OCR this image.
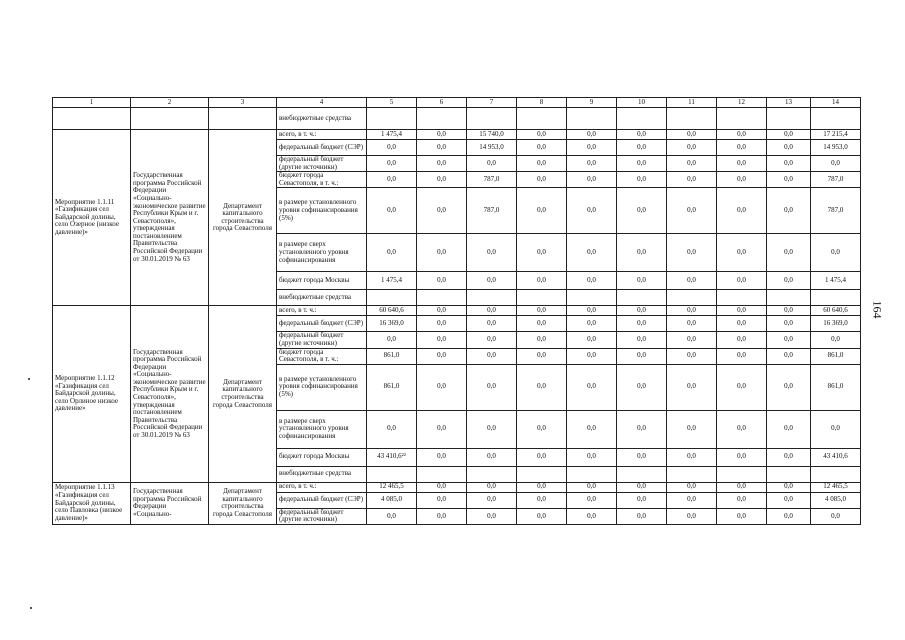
1	2	3	4	5	6	7	8	9	10	11	12	13	14
			внебюджетные средства										
Мероприятие 1.1.11 «Газификация сел Байдарской долины, село Озерное (низкое давление)»	Государственная программа Российской Федерации «Социально-экономическое развитие Республики Крым и г. Севастополя», утвержденная постановлением Правительства Российской Федерации от 30.01.2019 № 63	Департамент капитального строительства города Севастополя	всего, в т. ч.:	1 475,4	0,0	15 740,0	0,0	0,0	0,0	0,0	0,0	0,0	17 215,4
			федеральный бюджет (СЭР)	0,0	0,0	14 953,0	0,0	0,0	0,0	0,0	0,0	0,0	14 953,0
			федеральный бюджет (другие источники)	0,0	0,0	0,0	0,0	0,0	0,0	0,0	0,0	0,0	0,0
			бюджет города Севастополя, в т. ч.:	0,0	0,0	787,0	0,0	0,0	0,0	0,0	0,0	0,0	787,0
			в размере установленного уровня софинансирования (5%)	0,0	0,0	787,0	0,0	0,0	0,0	0,0	0,0	0,0	787,0
			в размере сверх установленного уровня софинансирования	0,0	0,0	0,0	0,0	0,0	0,0	0,0	0,0	0,0	0,0
			бюджет города Москвы	1 475,4	0,0	0,0	0,0	0,0	0,0	0,0	0,0	0,0	1 475,4
			внебюджетные средства										
Мероприятие 1.1.12 «Газификация сел Байдарской долины, село Орлиное низкое давление»	Государственная программа Российской Федерации «Социально-экономическое развитие Республики Крым и г. Севастополя», утвержденная постановлением Правительства Российской Федерации от 30.01.2019 № 63	Департамент капитального строительства города Севастополя	всего, в т. ч.:	60 640,6	0,0	0,0	0,0	0,0	0,0	0,0	0,0	0,0	60 640,6
			федеральный бюджет (СЭР)	16 369,0	0,0	0,0	0,0	0,0	0,0	0,0	0,0	0,0	16 369,0
			федеральный бюджет (другие источники)	0,0	0,0	0,0	0,0	0,0	0,0	0,0	0,0	0,0	0,0
			бюджет города Севастополя, в т. ч.:	861,0	0,0	0,0	0,0	0,0	0,0	0,0	0,0	0,0	861,0
			в размере установленного уровня софинансирования (5%)	861,0	0,0	0,0	0,0	0,0	0,0	0,0	0,0	0,0	861,0
			в размере сверх установленного уровня софинансирования	0,0	0,0	0,0	0,0	0,0	0,0	0,0	0,0	0,0	0,0
			бюджет города Москвы	43 410,6²²	0,0	0,0	0,0	0,0	0,0	0,0	0,0	0,0	43 410,6
			внебюджетные средства										
Мероприятие 1.1.13 «Газификация сел Байдарской долины, село Павловка (низкое давление)»	Государственная программа Российской Федерации «Социально-	Департамент капитального строительства города Севастополя	всего, в т. ч.:	12 465,5	0,0	0,0	0,0	0,0	0,0	0,0	0,0	0,0	12 465,5
			федеральный бюджет (СЭР)	4 085,0	0,0	0,0	0,0	0,0	0,0	0,0	0,0	0,0	4 085,0
			федеральный бюджет (другие источники)	0,0	0,0	0,0	0,0	0,0	0,0	0,0	0,0	0,0	0,0
164
